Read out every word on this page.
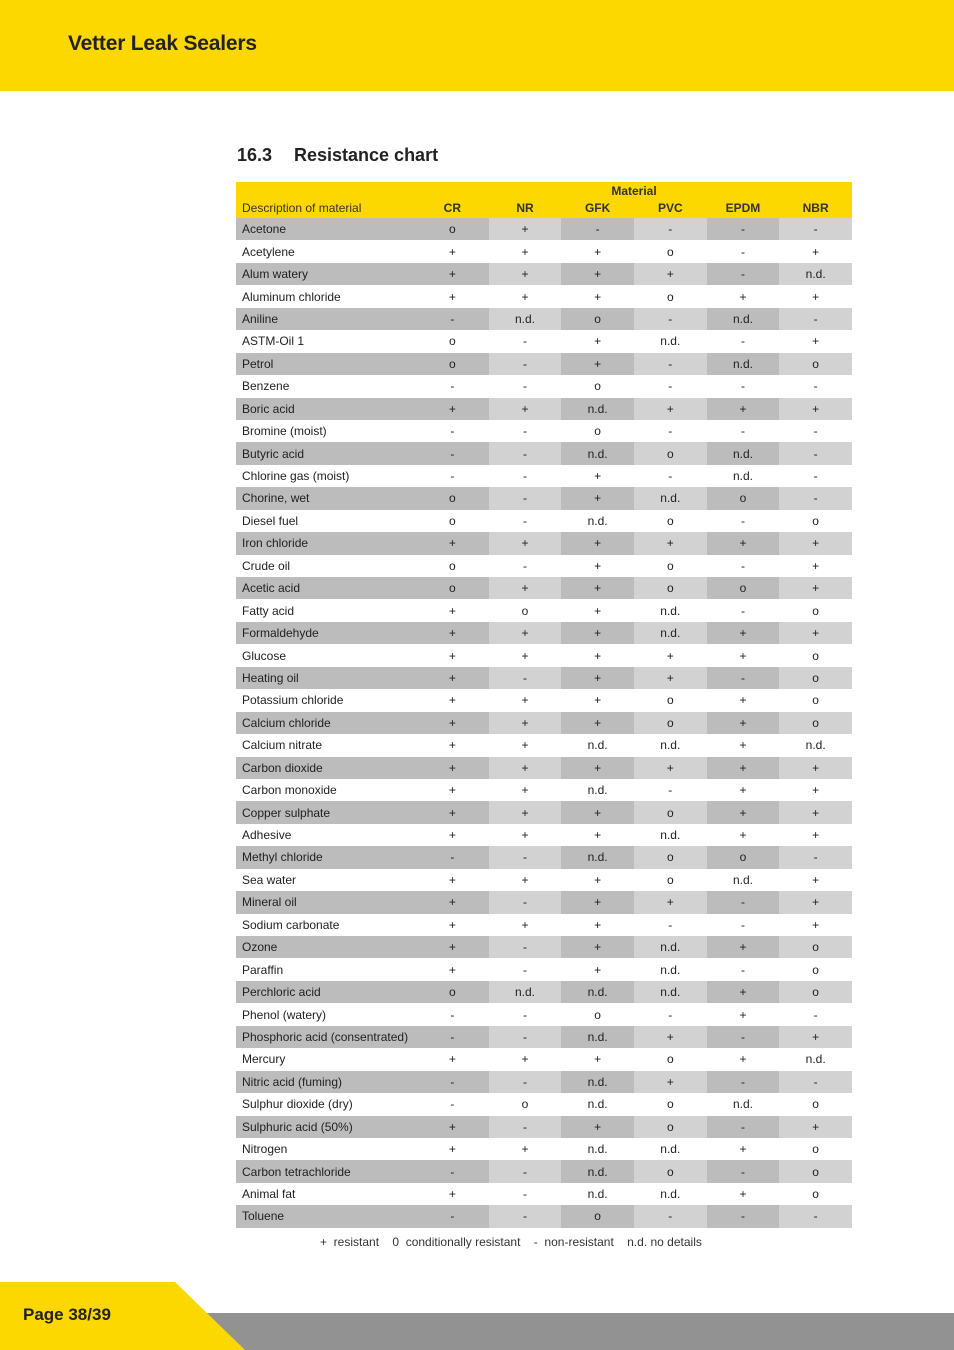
Vetter Leak Sealers
16.3 Resistance chart
	Material					
Description of material	CR	NR	GFK	PVC	EPDM	NBR
Acetone	o	+	-	-	-	-
Acetylene	+	+	+	o	-	+
Alum watery	+	+	+	+	-	n.d.
Aluminum chloride	+	+	+	o	+	+
Aniline	-	n.d.	o	-	n.d.	-
ASTM-Oil 1	o	-	+	n.d.	-	+
Petrol	o	-	+	-	n.d.	o
Benzene	-	-	o	-	-	-
Boric acid	+	+	n.d.	+	+	+
Bromine (moist)	-	-	o	-	-	-
Butyric acid	-	-	n.d.	o	n.d.	-
Chlorine gas (moist)	-	-	+	-	n.d.	-
Chorine, wet	o	-	+	n.d.	o	-
Diesel fuel	o	-	n.d.	o	-	o
Iron chloride	+	+	+	+	+	+
Crude oil	o	-	+	o	-	+
Acetic acid	o	+	+	o	o	+
Fatty acid	+	o	+	n.d.	-	o
Formaldehyde	+	+	+	n.d.	+	+
Glucose	+	+	+	+	+	o
Heating oil	+	-	+	+	-	o
Potassium chloride	+	+	+	o	+	o
Calcium chloride	+	+	+	o	+	o
Calcium nitrate	+	+	n.d.	n.d.	+	n.d.
Carbon dioxide	+	+	+	+	+	+
Carbon monoxide	+	+	n.d.	-	+	+
Copper sulphate	+	+	+	o	+	+
Adhesive	+	+	+	n.d.	+	+
Methyl chloride	-	-	n.d.	o	o	-
Sea water	+	+	+	o	n.d.	+
Mineral oil	+	-	+	+	-	+
Sodium carbonate	+	+	+	-	-	+
Ozone	+	-	+	n.d.	+	o
Paraffin	+	-	+	n.d.	-	o
Perchloric acid	o	n.d.	n.d.	n.d.	+	o
Phenol (watery)	-	-	o	-	+	-
Phosphoric acid (consentrated)	-	-	n.d.	+	-	+
Mercury	+	+	+	o	+	n.d.
Nitric acid (fuming)	-	-	n.d.	+	-	-
Sulphur dioxide (dry)	-	o	n.d.	o	n.d.	o
Sulphuric acid (50%)	+	-	+	o	-	+
Nitrogen	+	+	n.d.	n.d.	+	o
Carbon tetrachloride	-	-	n.d.	o	-	o
Animal fat	+	-	n.d.	n.d.	+	o
Toluene	-	-	o	-	-	-
+  resistant    0  conditionally resistant    -  non-resistant    n.d. no details
Page 38/39
